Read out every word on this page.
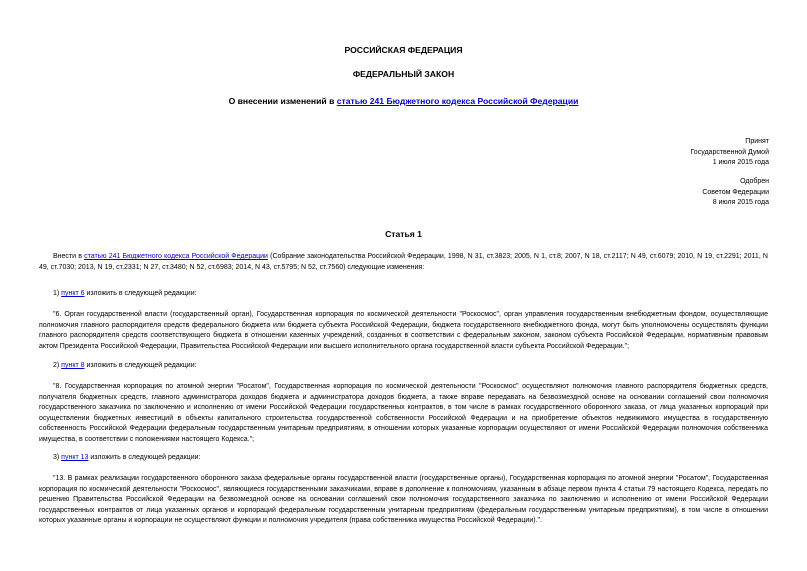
РОССИЙСКАЯ ФЕДЕРАЦИЯ
ФЕДЕРАЛЬНЫЙ ЗАКОН
О внесении изменений в статью 241 Бюджетного кодекса Российской Федерации
Принят
Государственной Думой
1 июля 2015 года
Одобрен
Советом Федерации
8 июля 2015 года
Статья 1

Внести в статью 241 Бюджетного кодекса Российской Федерации (Собрание законодательства Российской Федерации, 1998, N 31, ст.3823; 2005, N 1, ст.8; 2007, N 18, ст.2117; N 49, ст.6079; 2010, N 19, ст.2291; 2011, N 49, ст.7030; 2013, N 19, ст.2331; N 27, ст.3480; N 52, ст.6983; 2014, N 43, ст.5795; N 52, ст.7560) следующие изменения:

1) пункт 6 изложить в следующей редакции:

"6. Орган государственной власти (государственный орган), Государственная корпорация по космической деятельности "Роскосмос", орган управления государственным внебюджетным фондом, осуществляющие полномочия главного распорядителя средств федерального бюджета или бюджета субъекта Российской Федерации, бюджета государственного внебюджетного фонда, могут быть уполномочены осуществлять функции главного распорядителя средств соответствующего бюджета в отношении казенных учреждений, созданных в соответствии с федеральным законом, законом субъекта Российской Федерации, нормативным правовым актом Президента Российской Федерации, Правительства Российской Федерации или высшего исполнительного органа государственной власти субъекта Российской Федерации.";

2) пункт 8 изложить в следующей редакции:

"8. Государственная корпорация по атомной энергии "Росатом", Государственная корпорация по космической деятельности "Роскосмос" осуществляют полномочия главного распорядителя бюджетных средств, получателя бюджетных средств, главного администратора доходов бюджета и администратора доходов бюджета, а также вправе передавать на безвозмездной основе на основании соглашений свои полномочия государственного заказчика по заключению и исполнению от имени Российской Федерации государственных контрактов, в том числе в рамках государственного оборонного заказа, от лица указанных корпораций при осуществлении бюджетных инвестиций в объекты капитального строительства государственной собственности Российской Федерации и на приобретение объектов недвижимого имущества в государственную собственность Российской Федерации федеральным государственным унитарным предприятиям, в отношении которых указанные корпорации осуществляют от имени Российской Федерации полномочия собственника имущества, в соответствии с положениями настоящего Кодекса.";

3) пункт 13 изложить в следующей редакции:

"13. В рамках реализации государственного оборонного заказа федеральные органы государственной власти (государственные органы), Государственная корпорация по атомной энергии "Росатом", Государственная корпорация по космической деятельности "Роскосмос", являющиеся государственными заказчиками, вправе в дополнение к полномочиям, указанным в абзаце первом пункта 4 статьи 79 настоящего Кодекса, передать по решению Правительства Российской Федерации на безвозмездной основе на основании соглашений свои полномочия государственного заказчика по заключению и исполнению от имени Российской Федерации государственных контрактов от лица указанных органов и корпораций федеральным государственным унитарным предприятиям (федеральным государственным унитарным предприятиям), в том числе в отношении которых указанные органы и корпорации не осуществляют функции и полномочия учредителя (права собственника имущества Российской Федерации).".
